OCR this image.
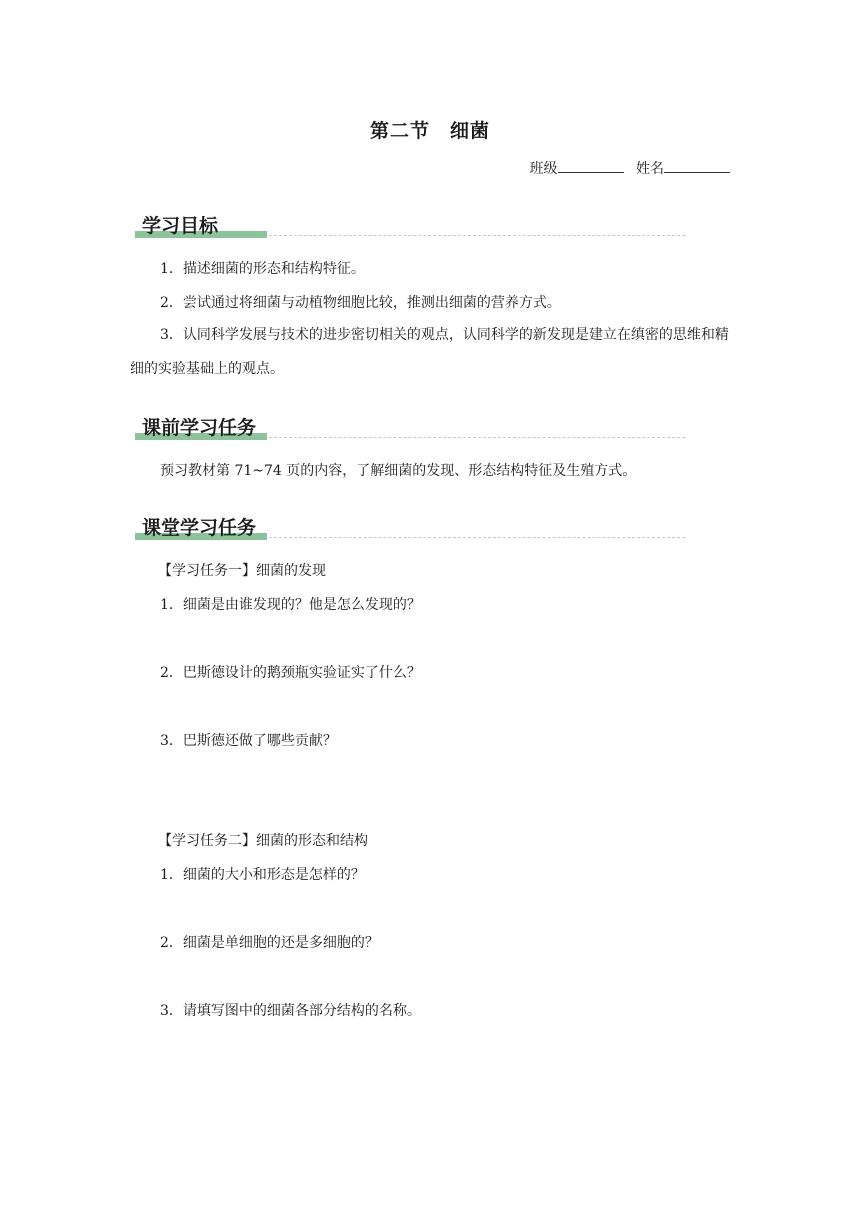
第二节　细菌
班级	姓名
学习目标

1．描述细菌的形态和结构特征。

2．尝试通过将细菌与动植物细胞比较，推测出细菌的营养方式。

3．认同科学发展与技术的进步密切相关的观点，认同科学的新发现是建立在缜密的思维和精细的实验基础上的观点。

课前学习任务

预习教材第 71~74 页的内容，了解细菌的发现、形态结构特征及生殖方式。

课堂学习任务

【学习任务一】细菌的发现

1．细菌是由谁发现的？他是怎么发现的？

2．巴斯德设计的鹅颈瓶实验证实了什么？

3．巴斯德还做了哪些贡献？

【学习任务二】细菌的形态和结构

1．细菌的大小和形态是怎样的？

2．细菌是单细胞的还是多细胞的？

3．请填写图中的细菌各部分结构的名称。
